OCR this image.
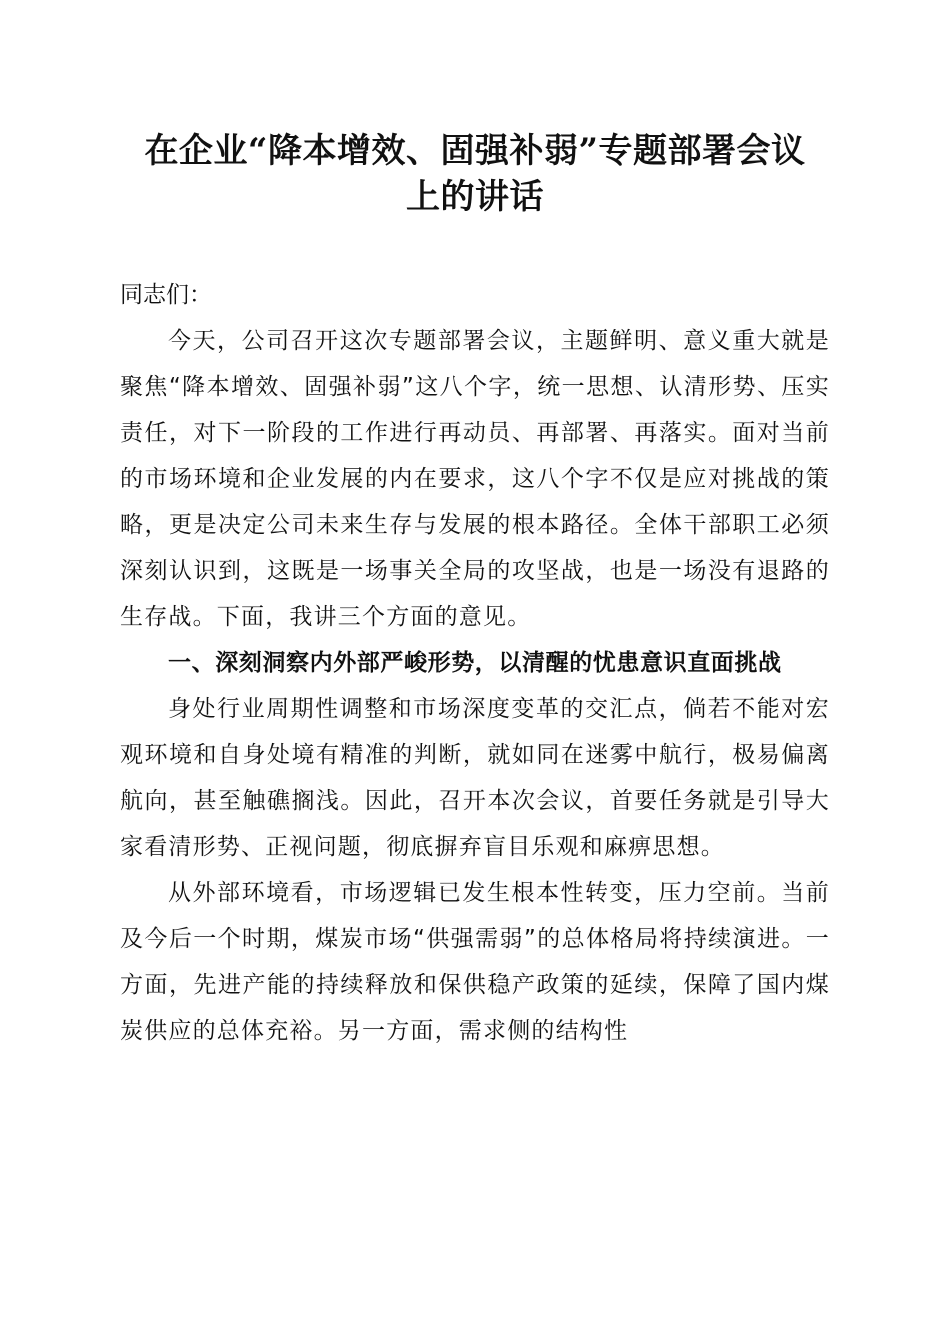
在企业“降本增效、固强补弱”专题部署会议
上的讲话

同志们：

今天，公司召开这次专题部署会议，主题鲜明、意义重大就是聚焦“降本增效、固强补弱”这八个字，统一思想、认清形势、压实责任，对下一阶段的工作进行再动员、再部署、再落实。面对当前的市场环境和企业发展的内在要求，这八个字不仅是应对挑战的策略，更是决定公司未来生存与发展的根本路径。全体干部职工必须深刻认识到，这既是一场事关全局的攻坚战，也是一场没有退路的生存战。下面，我讲三个方面的意见。

一、深刻洞察内外部严峻形势，以清醒的忧患意识直面挑战

身处行业周期性调整和市场深度变革的交汇点，倘若不能对宏观环境和自身处境有精准的判断，就如同在迷雾中航行，极易偏离航向，甚至触礁搁浅。因此，召开本次会议，首要任务就是引导大家看清形势、正视问题，彻底摒弃盲目乐观和麻痹思想。

从外部环境看，市场逻辑已发生根本性转变，压力空前。当前及今后一个时期，煤炭市场“供强需弱”的总体格局将持续演进。一方面，先进产能的持续释放和保供稳产政策的延续，保障了国内煤炭供应的总体充裕。另一方面，需求侧的结构性
